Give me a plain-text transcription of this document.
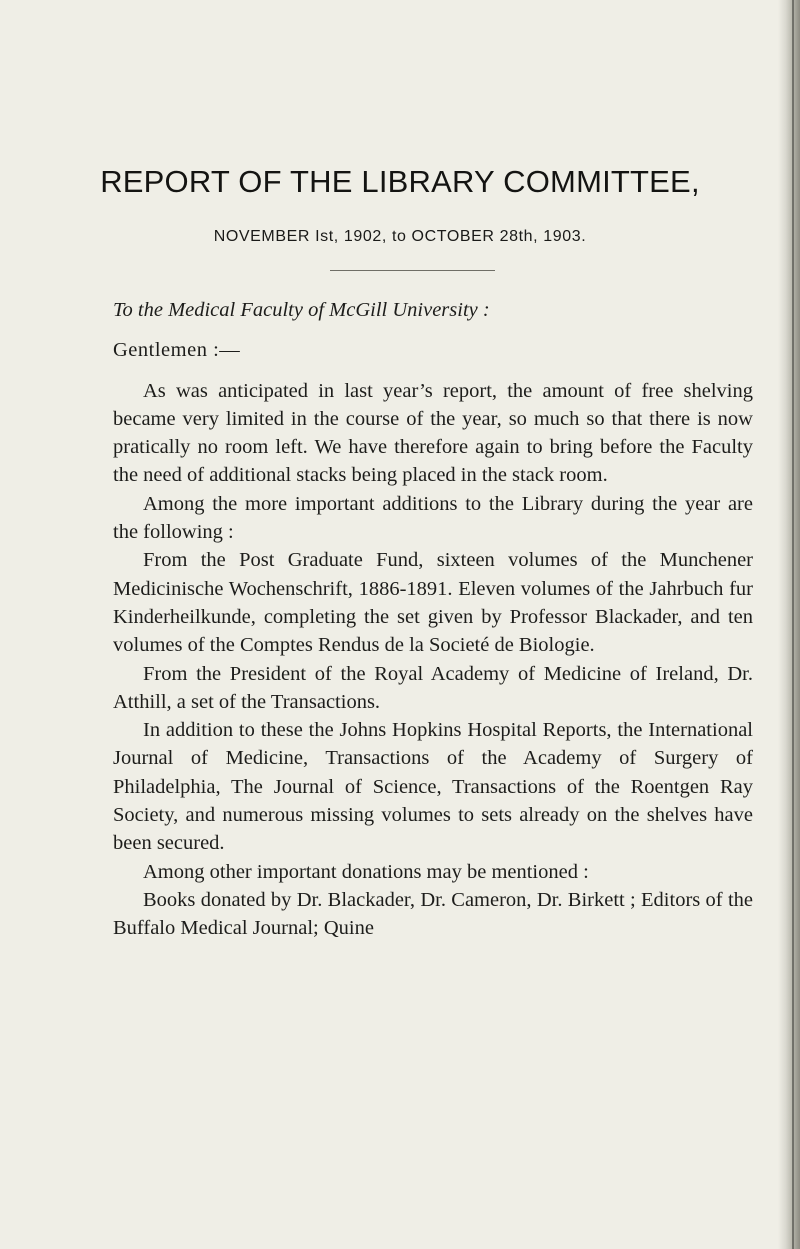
REPORT OF THE LIBRARY COMMITTEE,
NOVEMBER Ist, 1902, to OCTOBER 28th, 1903.

To the Medical Faculty of McGill University :

Gentlemen :—

As was anticipated in last year’s report, the amount of free shelving became very limited in the course of the year, so much so that there is now pratically no room left. We have therefore again to bring before the Faculty the need of additional stacks being placed in the stack room.

Among the more important additions to the Library during the year are the following :

From the Post Graduate Fund, sixteen volumes of the Munchener Medicinische Wochenschrift, 1886-1891. Eleven volumes of the Jahrbuch fur Kinderheilkunde, completing the set given by Professor Blackader, and ten volumes of the Comptes Rendus de la Societé de Biologie.

From the President of the Royal Academy of Medicine of Ireland, Dr. Atthill, a set of the Transactions.

In addition to these the Johns Hopkins Hospital Reports, the International Journal of Medicine, Transactions of the Academy of Surgery of Philadelphia, The Journal of Science, Transactions of the Roentgen Ray Society, and numerous missing volumes to sets already on the shelves have been secured.

Among other important donations may be mentioned :

Books donated by Dr. Blackader, Dr. Cameron, Dr. Birkett ; Editors of the Buffalo Medical Journal; Quine
